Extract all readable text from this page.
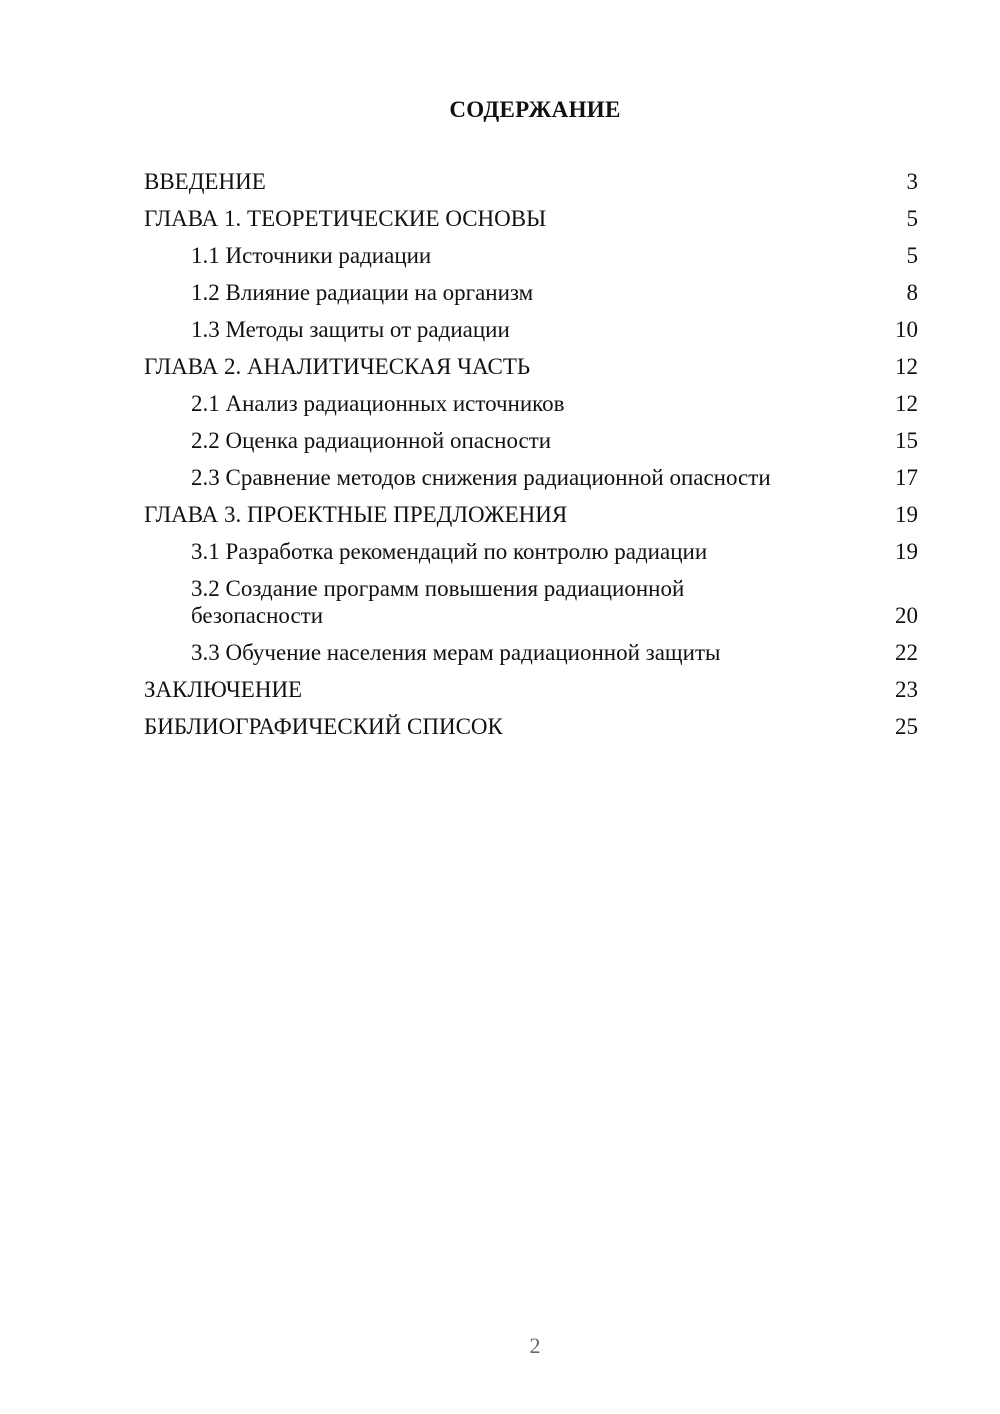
СОДЕРЖАНИЕ
ВВЕДЕНИЕ	3
ГЛАВА 1. ТЕОРЕТИЧЕСКИЕ ОСНОВЫ	5
1.1 Источники радиации	5
1.2 Влияние радиации на организм	8
1.3 Методы защиты от радиации	10
ГЛАВА 2. АНАЛИТИЧЕСКАЯ ЧАСТЬ	12
2.1 Анализ радиационных источников	12
2.2 Оценка радиационной опасности	15
2.3 Сравнение методов снижения радиационной опасности	17
ГЛАВА 3. ПРОЕКТНЫЕ ПРЕДЛОЖЕНИЯ	19
3.1 Разработка рекомендаций по контролю радиации	19
3.2 Создание программ повышения радиационной безопасности	20
3.3 Обучение населения мерам радиационной защиты	22
ЗАКЛЮЧЕНИЕ	23
БИБЛИОГРАФИЧЕСКИЙ СПИСОК	25
2
